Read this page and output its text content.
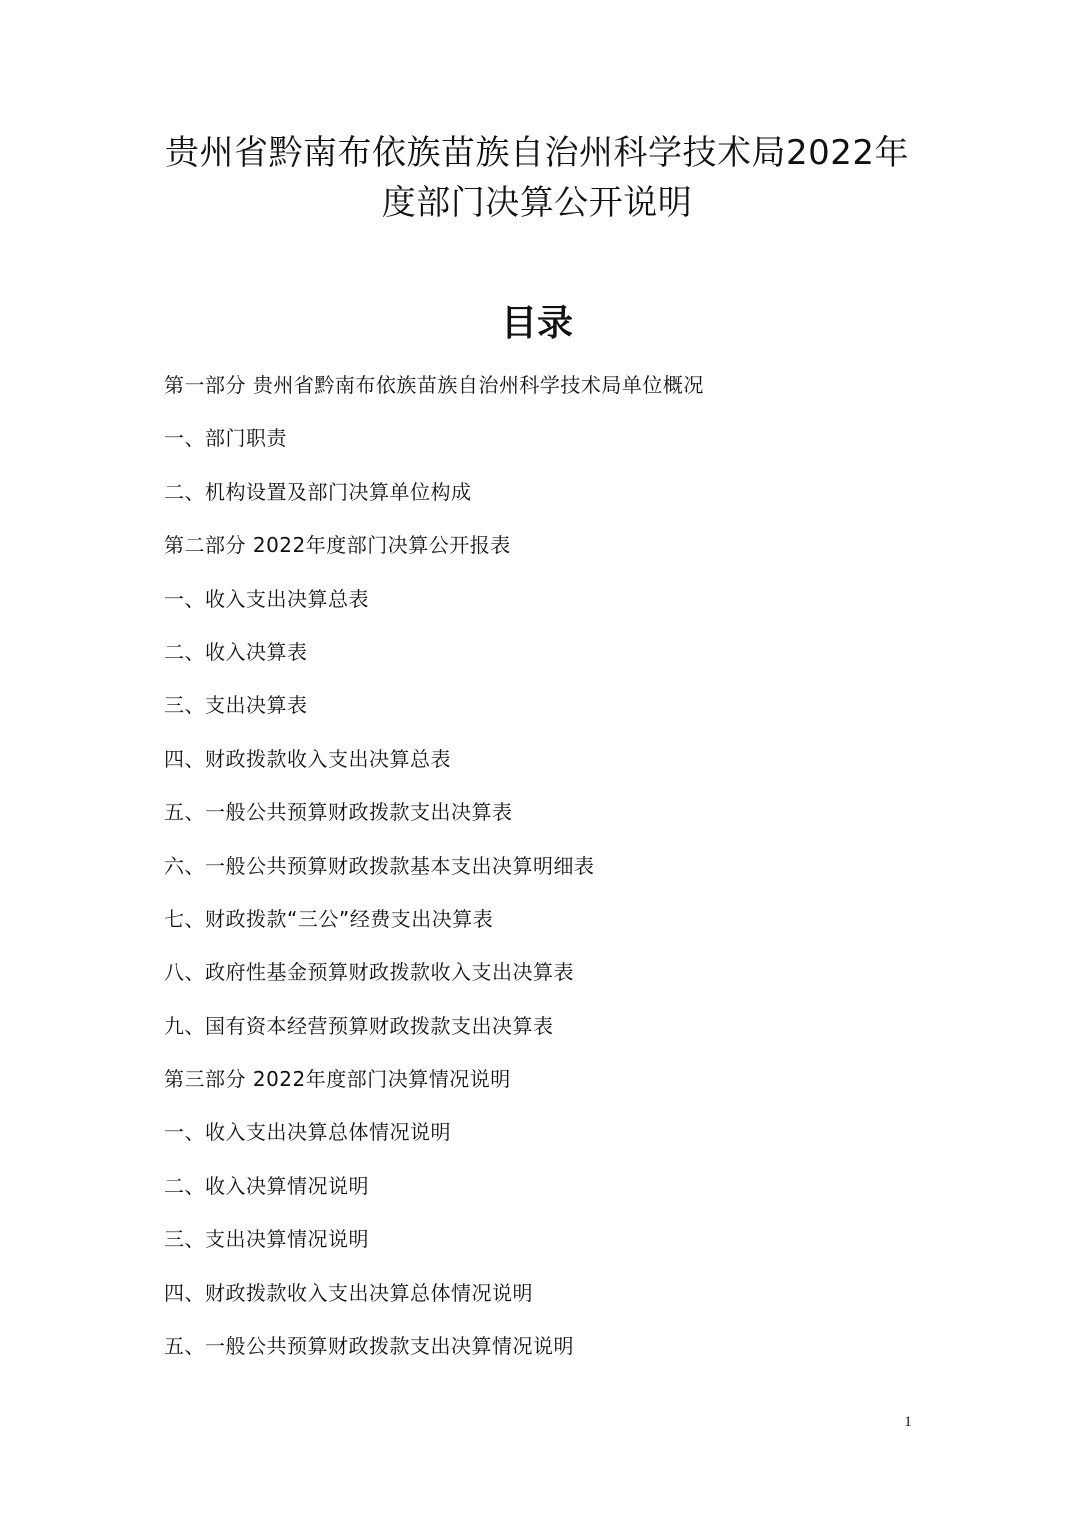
贵州省黔南布依族苗族自治州科学技术局2022年
度部门决算公开说明
目录
第一部分 贵州省黔南布依族苗族自治州科学技术局单位概况
一、部门职责
二、机构设置及部门决算单位构成
第二部分 2022年度部门决算公开报表
一、收入支出决算总表
二、收入决算表
三、支出决算表
四、财政拨款收入支出决算总表
五、一般公共预算财政拨款支出决算表
六、一般公共预算财政拨款基本支出决算明细表
七、财政拨款“三公”经费支出决算表
八、政府性基金预算财政拨款收入支出决算表
九、国有资本经营预算财政拨款支出决算表
第三部分 2022年度部门决算情况说明
一、收入支出决算总体情况说明
二、收入决算情况说明
三、支出决算情况说明
四、财政拨款收入支出决算总体情况说明
五、一般公共预算财政拨款支出决算情况说明
1
